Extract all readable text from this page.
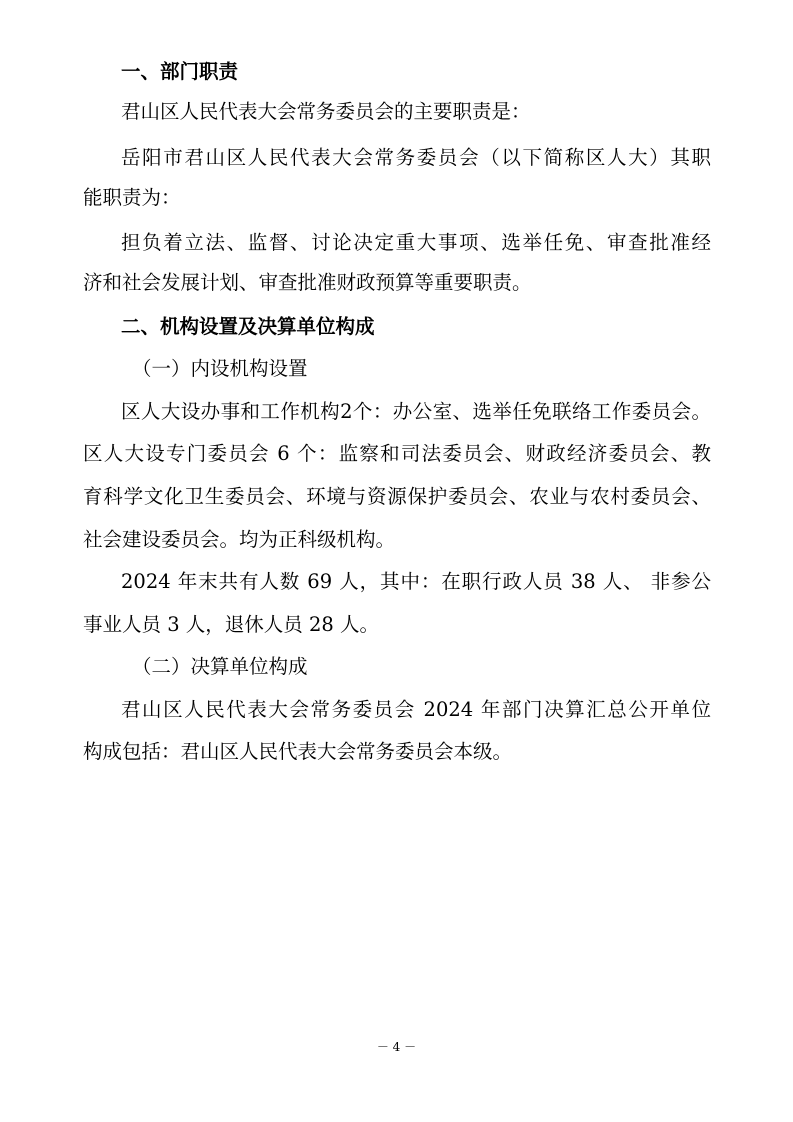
一、部门职责

君山区人民代表大会常务委员会的主要职责是：

岳阳市君山区人民代表大会常务委员会（以下简称区人大）其职

能职责为：

担负着立法、监督、讨论决定重大事项、选举任免、审查批准经

济和社会发展计划、审查批准财政预算等重要职责。

二、机构设置及决算单位构成

（一）内设机构设置

区人大设办事和工作机构2个：办公室、选举任免联络工作委员会。

区人大设专门委员会 6 个：监察和司法委员会、财政经济委员会、教

育科学文化卫生委员会、环境与资源保护委员会、农业与农村委员会、

社会建设委员会。均为正科级机构。

2024 年末共有人数 69 人，其中：在职行政人员 38 人、 非参公

事业人员 3 人，退休人员 28 人。

（二）决算单位构成

君山区人民代表大会常务委员会 2024 年部门决算汇总公开单位

构成包括：君山区人民代表大会常务委员会本级。

－ 4 －
